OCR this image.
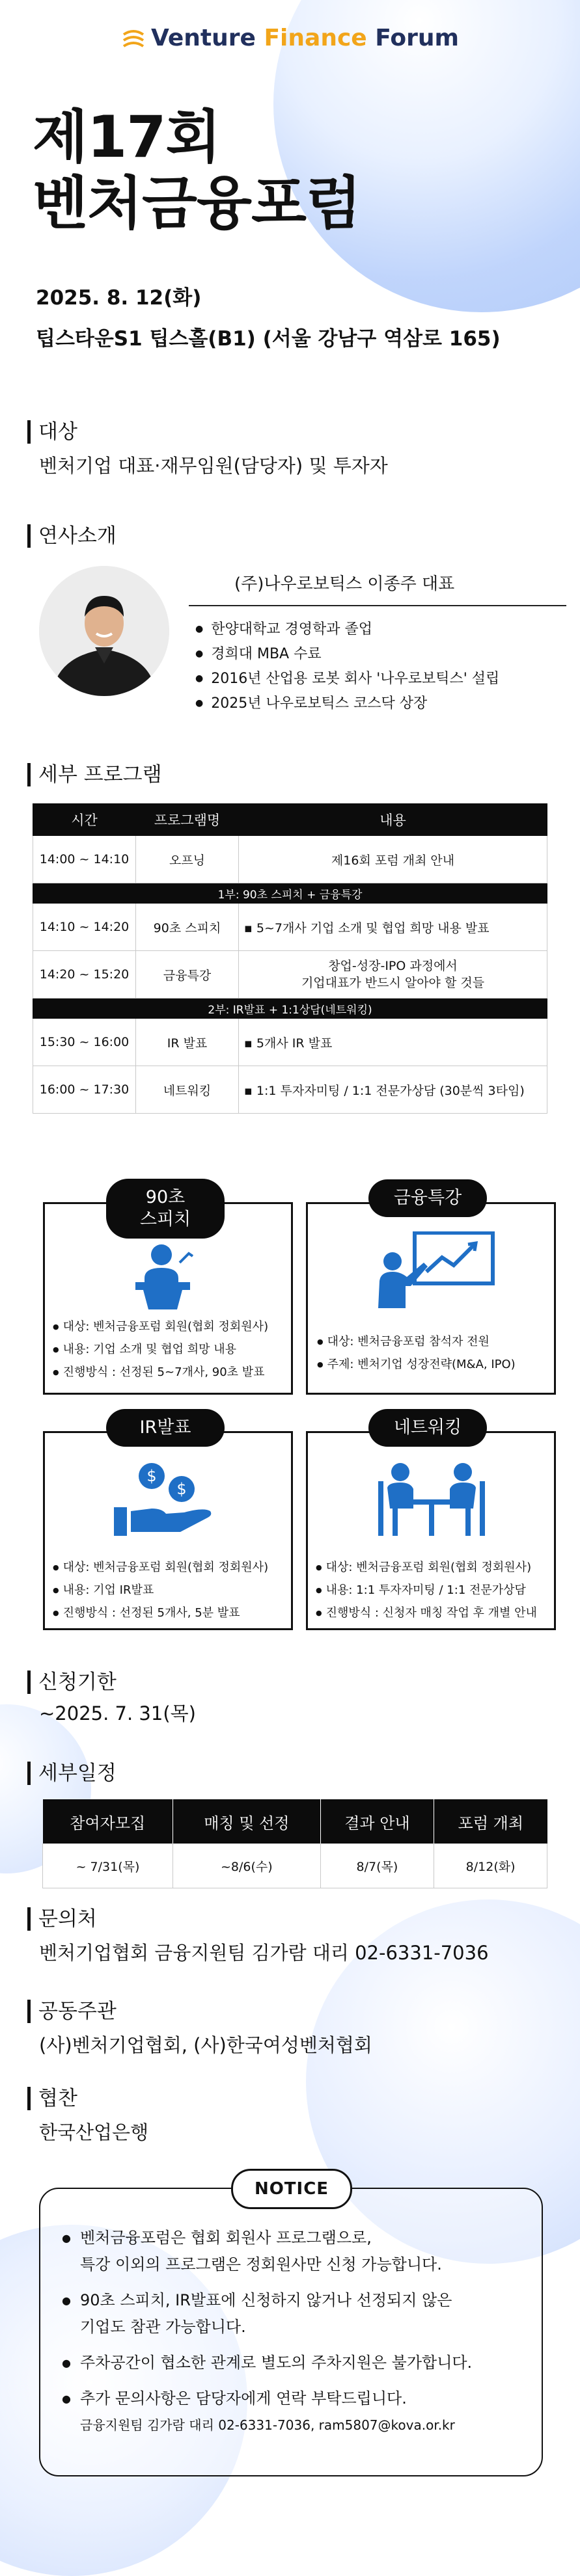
Venture Finance Forum
제17회
벤처금융포럼
2025. 8. 12(화)
팁스타운S1 팁스홀(B1) (서울 강남구 역삼로 165)
대상
벤처기업 대표·재무임원(담당자) 및 투자자
연사소개
(주)나우로보틱스 이종주 대표
● 한양대학교 경영학과 졸업
● 경희대 MBA 수료
● 2016년 산업용 로봇 회사 '나우로보틱스' 설립
● 2025년 나우로보틱스 코스닥 상장
세부 프로그램
시간	프로그램명	내용
14:00 ~ 14:10	오프닝	제16회 포럼 개최 안내
1부: 90초 스피치 + 금융특강		
14:10 ~ 14:20	90초 스피치	▪ 5~7개사 기업 소개 및 협업 희망 내용 발표
14:20 ~ 15:20	금융특강	창업-성장-IPO 과정에서
기업대표가 반드시 알아야 할 것들
2부: IR발표 + 1:1상담(네트워킹)		
15:30 ~ 16:00	IR 발표	▪ 5개사 IR 발표
16:00 ~ 17:30	네트워킹	▪ 1:1 투자자미팅 / 1:1 전문가상담 (30분씩 3타임)
● 대상: 벤처금융포럼 회원(협회 정회원사)
● 내용: 기업 소개 및 협업 희망 내용
● 진행방식 : 선정된 5~7개사, 90초 발표
90초
스피치
● 대상: 벤처금융포럼 참석자 전원
● 주제: 벤처기업 성장전략(M&A, IPO)
금융특강
$
$
● 대상: 벤처금융포럼 회원(협회 정회원사)
● 내용: 기업 IR발표
● 진행방식 : 선정된 5개사, 5분 발표
IR발표
● 대상: 벤처금융포럼 회원(협회 정회원사)
● 내용: 1:1 투자자미팅 / 1:1 전문가상담
● 진행방식 : 신청자 매칭 작업 후 개별 안내
네트워킹
신청기한
~2025. 7. 31(목)
세부일정
참여자모집	매칭 및 선정	결과 안내	포럼 개최
~ 7/31(목)	~8/6(수)	8/7(목)	8/12(화)
문의처
벤처기업협회 금융지원팀 김가람 대리 02-6331-7036
공동주관
(사)벤처기업협회, (사)한국여성벤처협회
협찬
한국산업은행
NOTICE
● 벤처금융포럼은 협회 회원사 프로그램으로,
특강 이외의 프로그램은 정회원사만 신청 가능합니다.
● 90초 스피치, IR발표에 신청하지 않거나 선정되지 않은
기업도 참관 가능합니다.
● 주차공간이 협소한 관계로 별도의 주차지원은 불가합니다.
● 추가 문의사항은 담당자에게 연락 부탁드립니다.
금융지원팀 김가람 대리 02-6331-7036, ram5807@kova.or.kr
